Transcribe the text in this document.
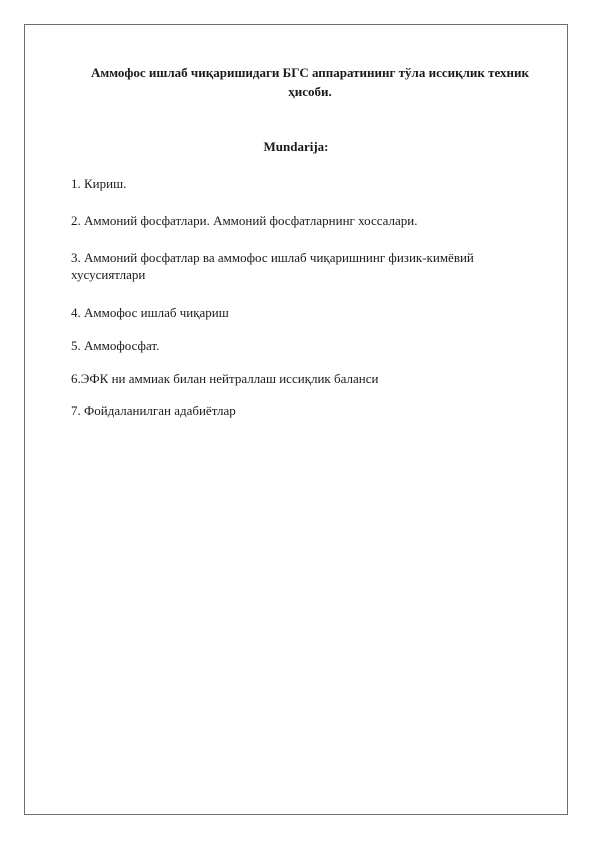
Аммофос ишлаб чиқаришидаги БГС аппаратининг тўла иссиқлик техник ҳисоби.
Mundarija:

1. Кириш.

2. Аммоний фосфатлари. Аммоний фосфатларнинг хоссалари.

3. Аммоний фосфатлар ва аммофос ишлаб чиқаришнинг физик-кимёвий хусусиятлари

4. Аммофос ишлаб чиқариш

5. Аммофосфат.

6.ЭФК ни аммиак билан нейтраллаш иссиқлик баланси

7. Фойдаланилган адабиётлар
